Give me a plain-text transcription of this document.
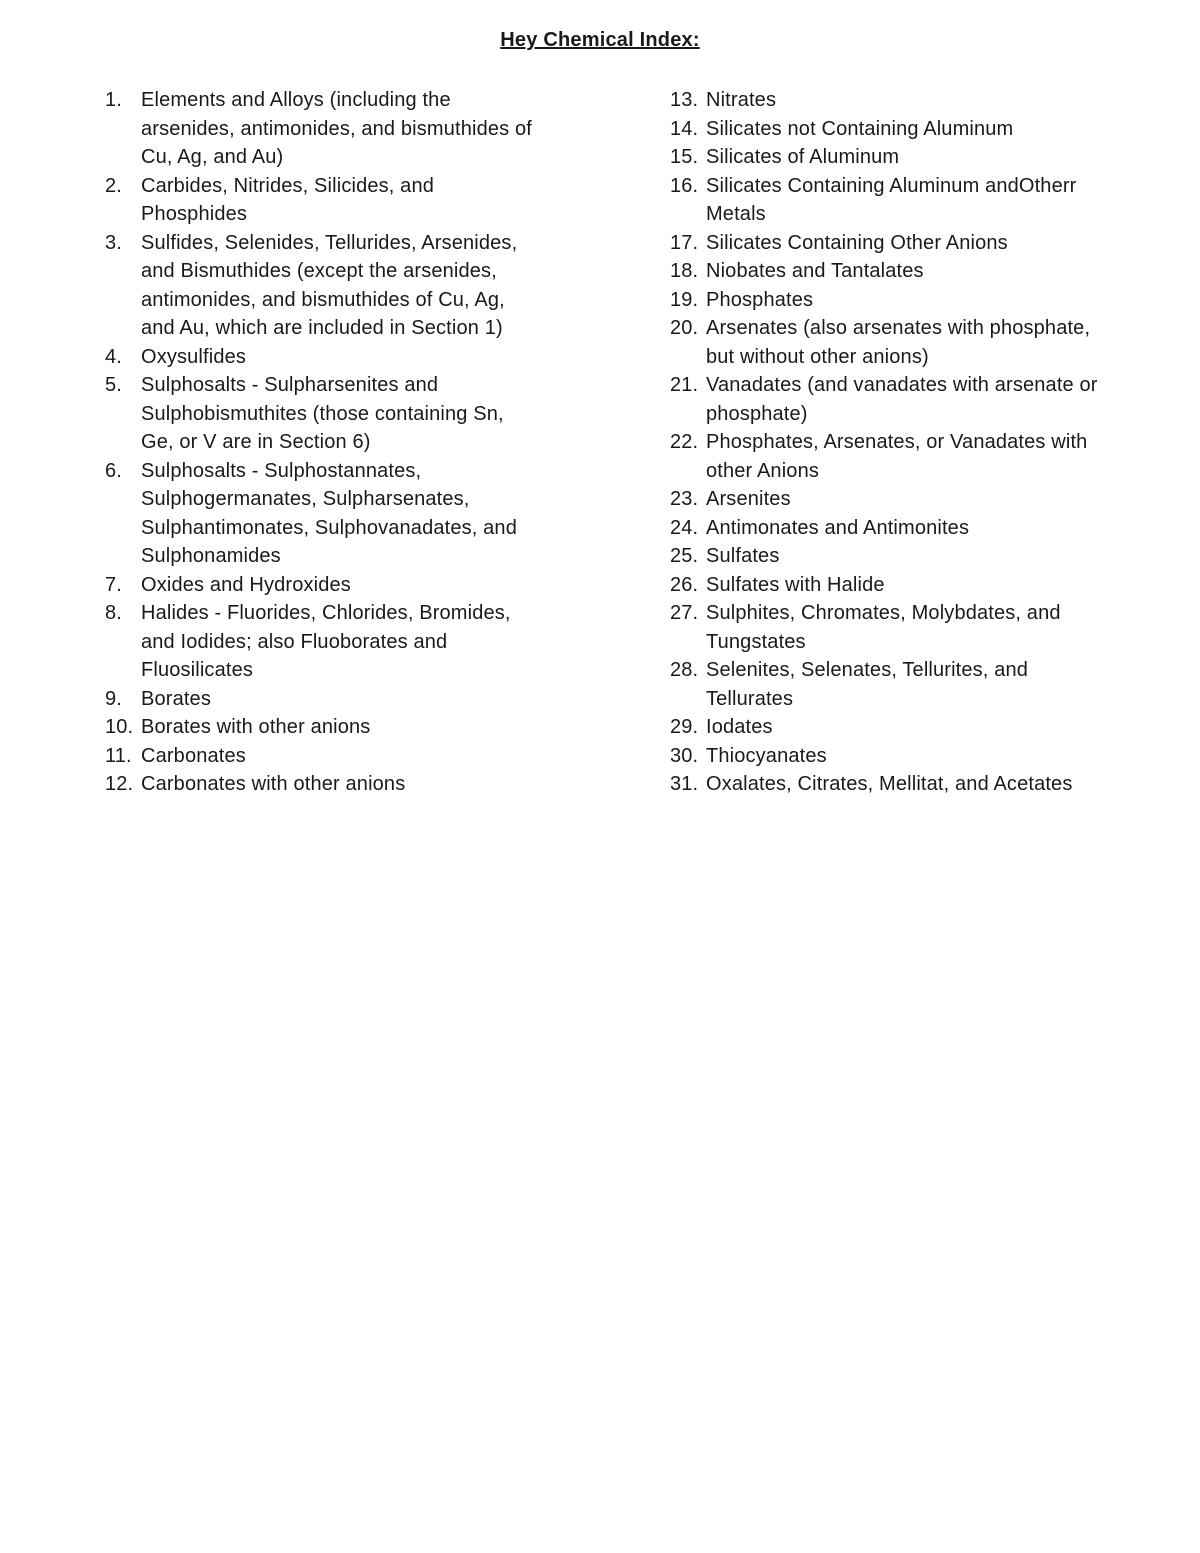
Hey Chemical Index:
1. Elements and Alloys (including the
arsenides, antimonides, and bismuthides of
Cu, Ag, and Au)
2. Carbides, Nitrides, Silicides, and
Phosphides
3. Sulfides, Selenides, Tellurides, Arsenides,
and Bismuthides (except the arsenides,
antimonides, and bismuthides of Cu, Ag,
and Au, which are included in Section 1)
4. Oxysulfides
5. Sulphosalts - Sulpharsenites and
Sulphobismuthites (those containing Sn,
Ge, or V are in Section 6)
6. Sulphosalts - Sulphostannates,
Sulphogermanates, Sulpharsenates,
Sulphantimonates, Sulphovanadates, and
Sulphonamides
7. Oxides and Hydroxides
8. Halides - Fluorides, Chlorides, Bromides,
and Iodides; also Fluoborates and
Fluosilicates
9. Borates
10. Borates with other anions
11. Carbonates
12. Carbonates with other anions
13. Nitrates
14. Silicates not Containing Aluminum
15. Silicates of Aluminum
16. Silicates Containing Aluminum andOtherr
Metals
17. Silicates Containing Other Anions
18. Niobates and Tantalates
19. Phosphates
20. Arsenates (also arsenates with phosphate,
but without other anions)
21. Vanadates (and vanadates with arsenate or
phosphate)
22. Phosphates, Arsenates, or Vanadates with
other Anions
23. Arsenites
24. Antimonates and Antimonites
25. Sulfates
26. Sulfates with Halide
27. Sulphites, Chromates, Molybdates, and
Tungstates
28. Selenites, Selenates, Tellurites, and
Tellurates
29. Iodates
30. Thiocyanates
31. Oxalates, Citrates, Mellitat, and Acetates
